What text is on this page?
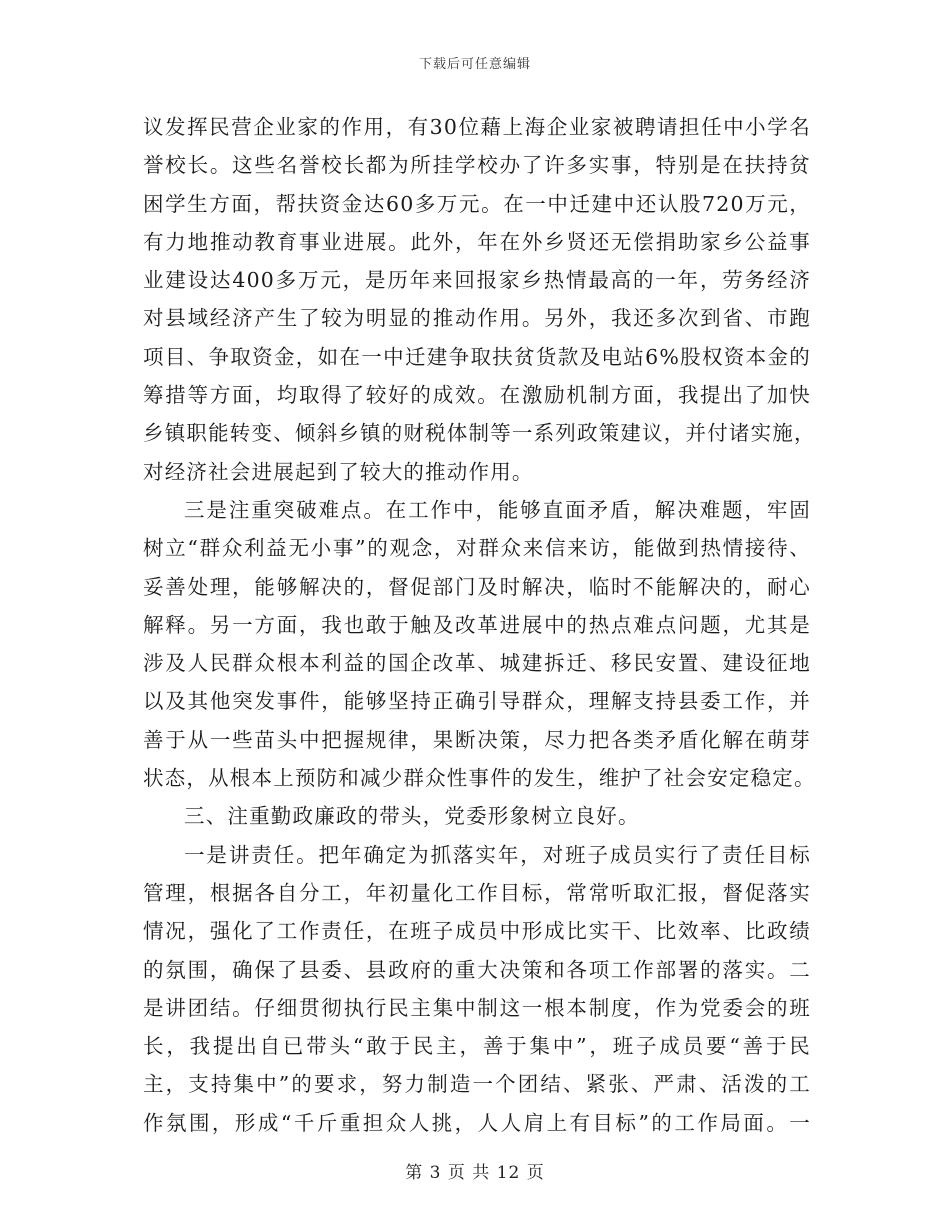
下载后可任意编辑
议发挥民营企业家的作用，有30位藉上海企业家被聘请担任中小学名
誉校长。这些名誉校长都为所挂学校办了许多实事，特别是在扶持贫
困学生方面，帮扶资金达60多万元。在一中迁建中还认股720万元，
有力地推动教育事业进展。此外，年在外乡贤还无偿捐助家乡公益事
业建设达400多万元，是历年来回报家乡热情最高的一年，劳务经济
对县域经济产生了较为明显的推动作用。另外，我还多次到省、市跑
项目、争取资金，如在一中迁建争取扶贫货款及电站6%股权资本金的
筹措等方面，均取得了较好的成效。在激励机制方面，我提出了加快
乡镇职能转变、倾斜乡镇的财税体制等一系列政策建议，并付诸实施，
对经济社会进展起到了较大的推动作用。
三是注重突破难点。在工作中，能够直面矛盾，解决难题，牢固
树立“群众利益无小事”的观念，对群众来信来访，能做到热情接待、
妥善处理，能够解决的，督促部门及时解决，临时不能解决的，耐心
解释。另一方面，我也敢于触及改革进展中的热点难点问题，尤其是
涉及人民群众根本利益的国企改革、城建拆迁、移民安置、建设征地
以及其他突发事件，能够坚持正确引导群众，理解支持县委工作，并
善于从一些苗头中把握规律，果断决策，尽力把各类矛盾化解在萌芽
状态，从根本上预防和减少群众性事件的发生，维护了社会安定稳定。
三、注重勤政廉政的带头，党委形象树立良好。
一是讲责任。把年确定为抓落实年，对班子成员实行了责任目标
管理，根据各自分工，年初量化工作目标，常常听取汇报，督促落实
情况，强化了工作责任，在班子成员中形成比实干、比效率、比政绩
的氛围，确保了县委、县政府的重大决策和各项工作部署的落实。二
是讲团结。仔细贯彻执行民主集中制这一根本制度，作为党委会的班
长，我提出自已带头“敢于民主，善于集中”，班子成员要“善于民
主，支持集中”的要求，努力制造一个团结、紧张、严肃、活泼的工
作氛围，形成“千斤重担众人挑，人人肩上有目标”的工作局面。一
第 3 页 共 12 页
